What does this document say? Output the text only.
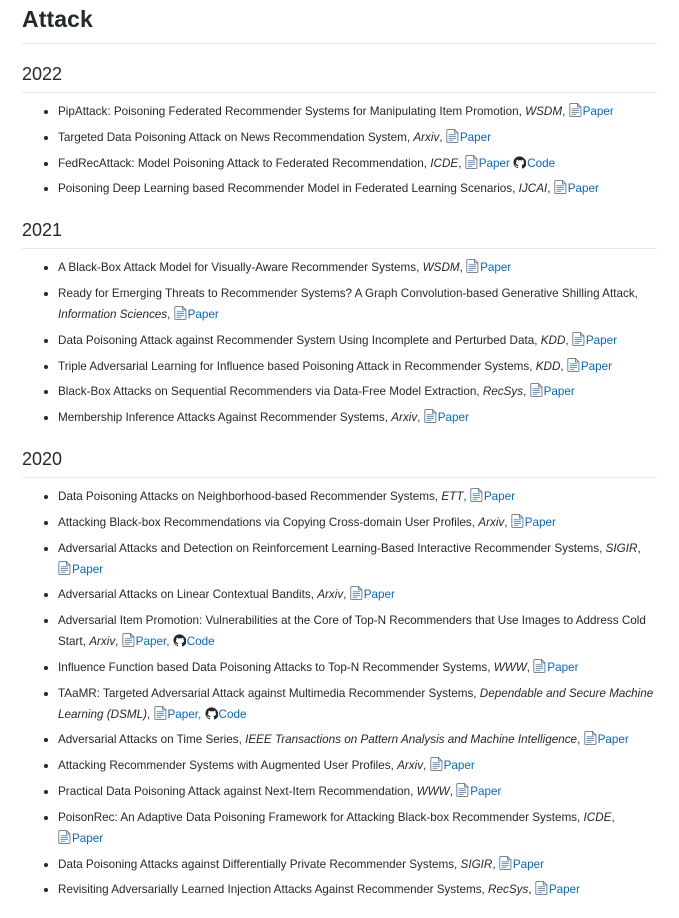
Attack
2022
PipAttack: Poisoning Federated Recommender Systems for Manipulating Item Promotion, WSDM, Paper
Targeted Data Poisoning Attack on News Recommendation System, Arxiv, Paper
FedRecAttack: Model Poisoning Attack to Federated Recommendation, ICDE, Paper Code
Poisoning Deep Learning based Recommender Model in Federated Learning Scenarios, IJCAI, Paper
2021
A Black-Box Attack Model for Visually-Aware Recommender Systems, WSDM, Paper
Ready for Emerging Threats to Recommender Systems? A Graph Convolution-based Generative Shilling Attack, Information Sciences, Paper
Data Poisoning Attack against Recommender System Using Incomplete and Perturbed Data, KDD, Paper
Triple Adversarial Learning for Influence based Poisoning Attack in Recommender Systems, KDD, Paper
Black-Box Attacks on Sequential Recommenders via Data-Free Model Extraction, RecSys, Paper
Membership Inference Attacks Against Recommender Systems, Arxiv, Paper
2020
Data Poisoning Attacks on Neighborhood-based Recommender Systems, ETT, Paper
Attacking Black-box Recommendations via Copying Cross-domain User Profiles, Arxiv, Paper
Adversarial Attacks and Detection on Reinforcement Learning-Based Interactive Recommender Systems, SIGIR, Paper
Adversarial Attacks on Linear Contextual Bandits, Arxiv, Paper
Adversarial Item Promotion: Vulnerabilities at the Core of Top-N Recommenders that Use Images to Address Cold Start, Arxiv, Paper, Code
Influence Function based Data Poisoning Attacks to Top-N Recommender Systems, WWW, Paper
TAaMR: Targeted Adversarial Attack against Multimedia Recommender Systems, Dependable and Secure Machine Learning (DSML), Paper, Code
Adversarial Attacks on Time Series, IEEE Transactions on Pattern Analysis and Machine Intelligence, Paper
Attacking Recommender Systems with Augmented User Profiles, Arxiv, Paper
Practical Data Poisoning Attack against Next-Item Recommendation, WWW, Paper
PoisonRec: An Adaptive Data Poisoning Framework for Attacking Black-box Recommender Systems, ICDE, Paper
Data Poisoning Attacks against Differentially Private Recommender Systems, SIGIR, Paper
Revisiting Adversarially Learned Injection Attacks Against Recommender Systems, RecSys, Paper
